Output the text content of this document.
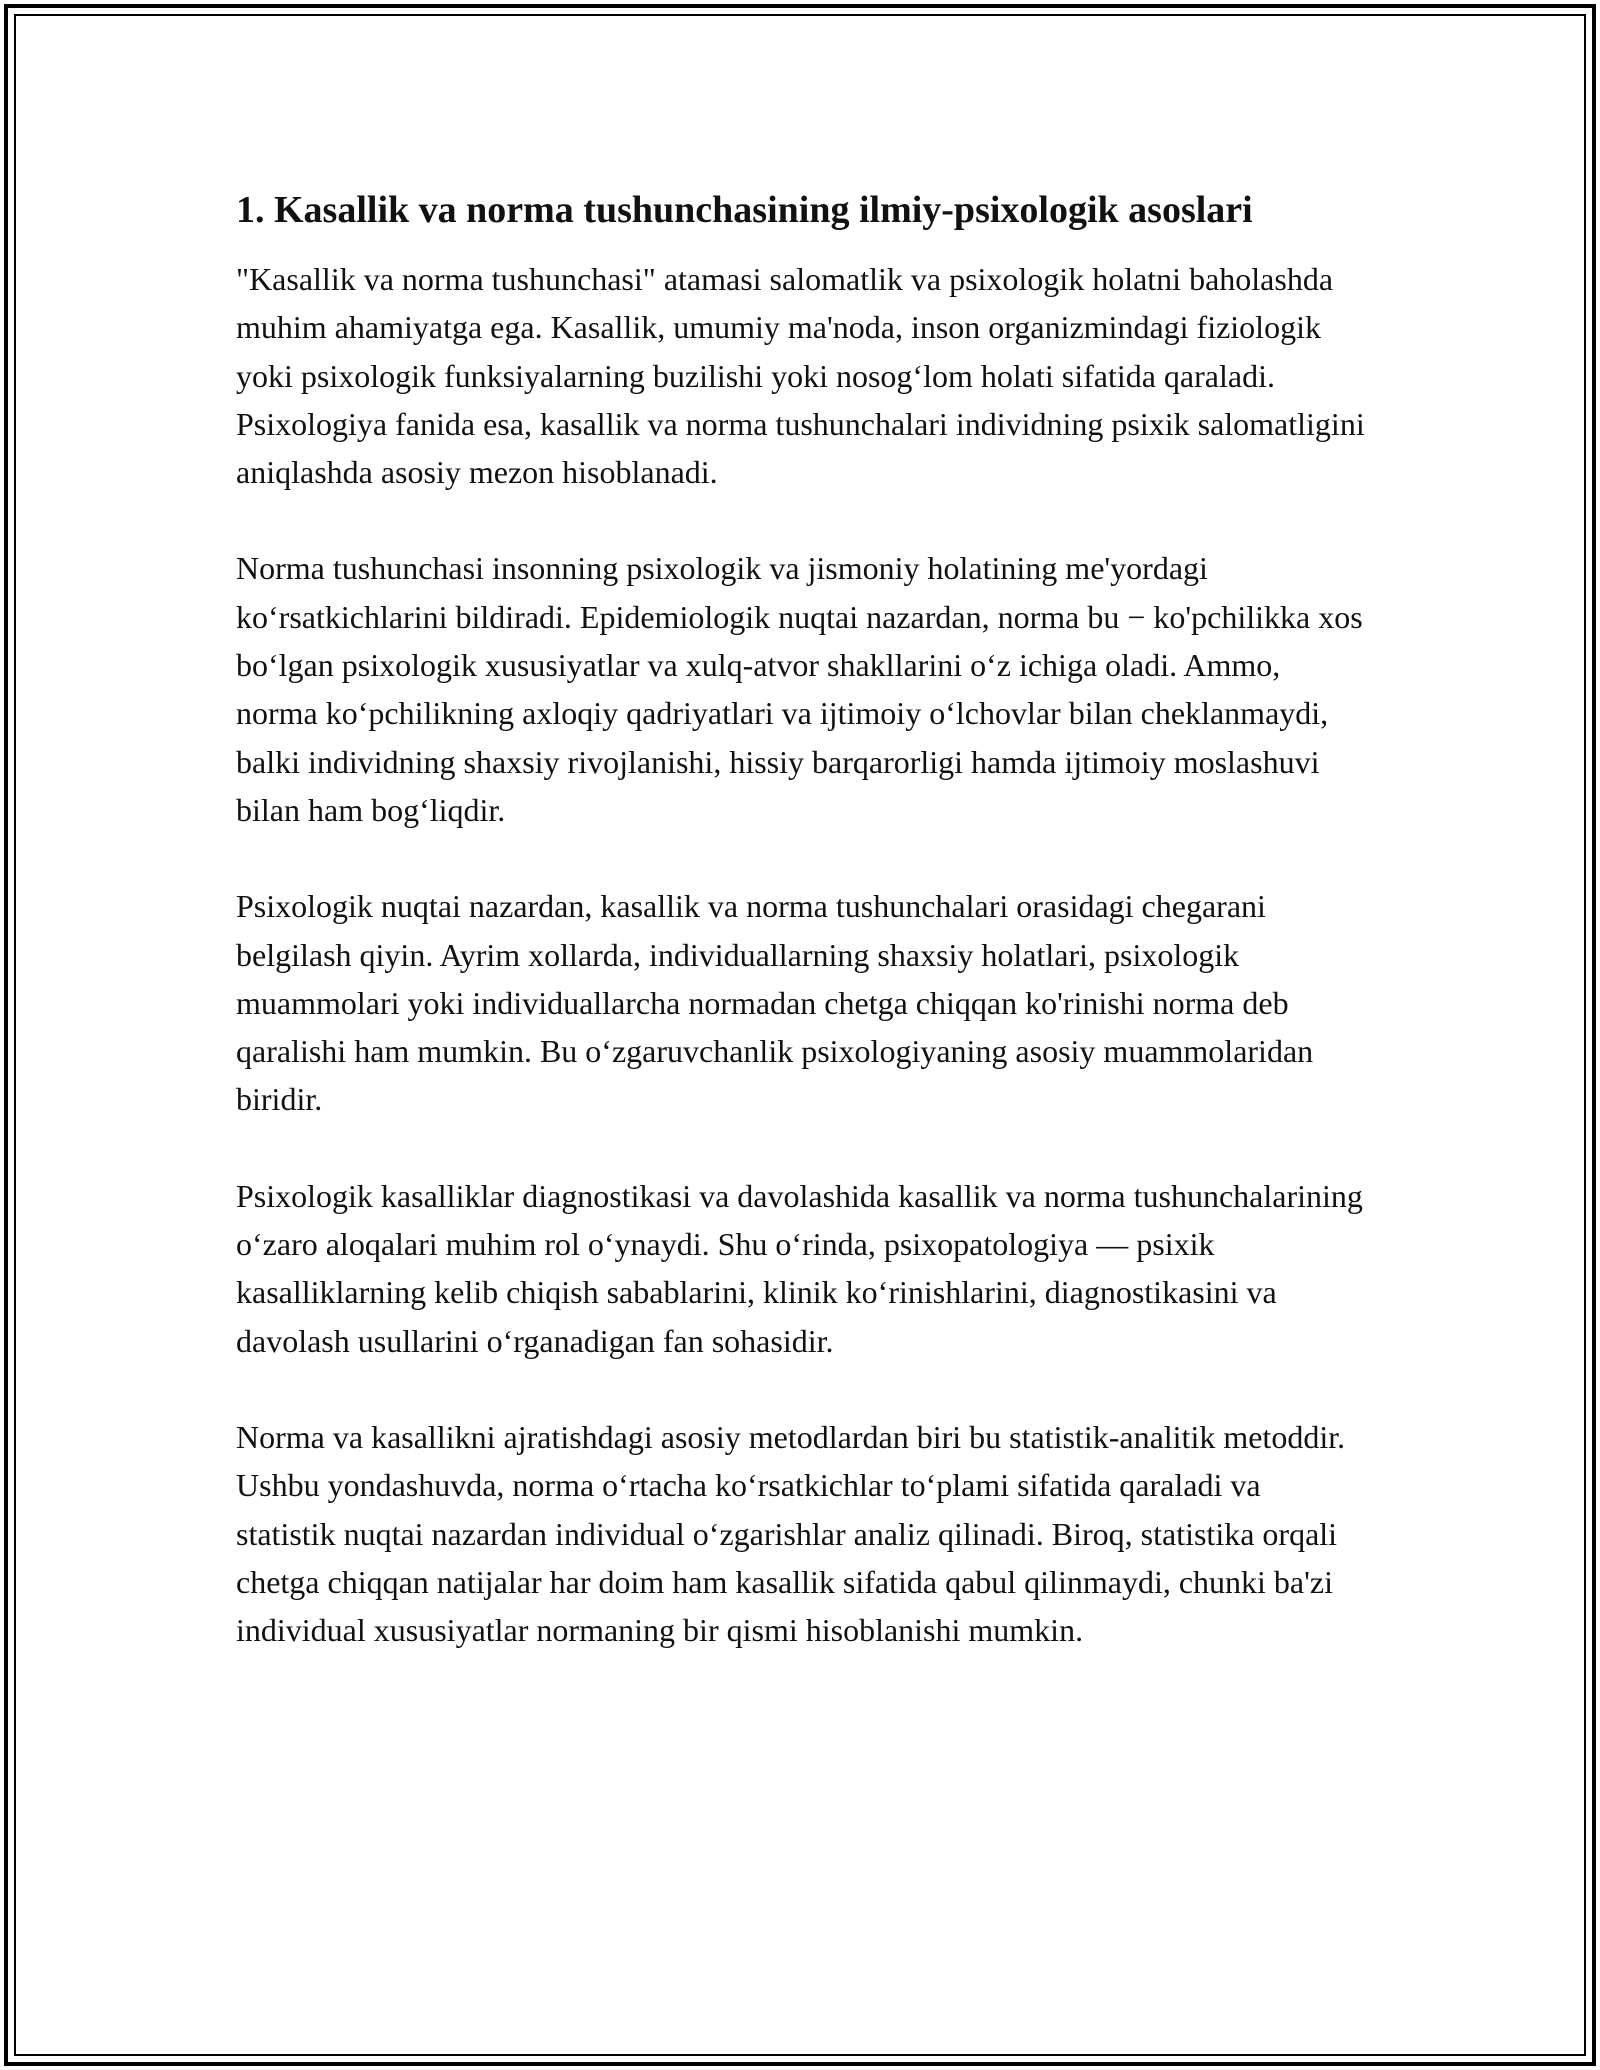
1. Kasallik va norma tushunchasining ilmiy-psixologik asoslari

"Kasallik va norma tushunchasi" atamasi salomatlik va psixologik holatni baholashda muhim ahamiyatga ega. Kasallik, umumiy ma'noda, inson organizmindagi fiziologik yoki psixologik funksiyalarning buzilishi yoki nosog‘lom holati sifatida qaraladi. Psixologiya fanida esa, kasallik va norma tushunchalari individning psixik salomatligini aniqlashda asosiy mezon hisoblanadi.

Norma tushunchasi insonning psixologik va jismoniy holatining me'yordagi ko‘rsatkichlarini bildiradi. Epidemiologik nuqtai nazardan, norma bu − ko'pchilikka xos bo‘lgan psixologik xususiyatlar va xulq-atvor shakllarini o‘z ichiga oladi. Ammo, norma ko‘pchilikning axloqiy qadriyatlari va ijtimoiy o‘lchovlar bilan cheklanmaydi, balki individning shaxsiy rivojlanishi, hissiy barqarorligi hamda ijtimoiy moslashuvi bilan ham bog‘liqdir.

Psixologik nuqtai nazardan, kasallik va norma tushunchalari orasidagi chegarani belgilash qiyin. Ayrim xollarda, individuallarning shaxsiy holatlari, psixologik muammolari yoki individuallarcha normadan chetga chiqqan ko'rinishi norma deb qaralishi ham mumkin. Bu o‘zgaruvchanlik psixologiyaning asosiy muammolaridan biridir.

Psixologik kasalliklar diagnostikasi va davolashida kasallik va norma tushunchalarining o‘zaro aloqalari muhim rol o‘ynaydi. Shu o‘rinda, psixopatologiya — psixik kasalliklarning kelib chiqish sabablarini, klinik ko‘rinishlarini, diagnostikasini va davolash usullarini o‘rganadigan fan sohasidir.

Norma va kasallikni ajratishdagi asosiy metodlardan biri bu statistik-analitik metoddir. Ushbu yondashuvda, norma o‘rtacha ko‘rsatkichlar to‘plami sifatida qaraladi va statistik nuqtai nazardan individual o‘zgarishlar analiz qilinadi. Biroq, statistika orqali chetga chiqqan natijalar har doim ham kasallik sifatida qabul qilinmaydi, chunki ba'zi individual xususiyatlar normaning bir qismi hisoblanishi mumkin.
